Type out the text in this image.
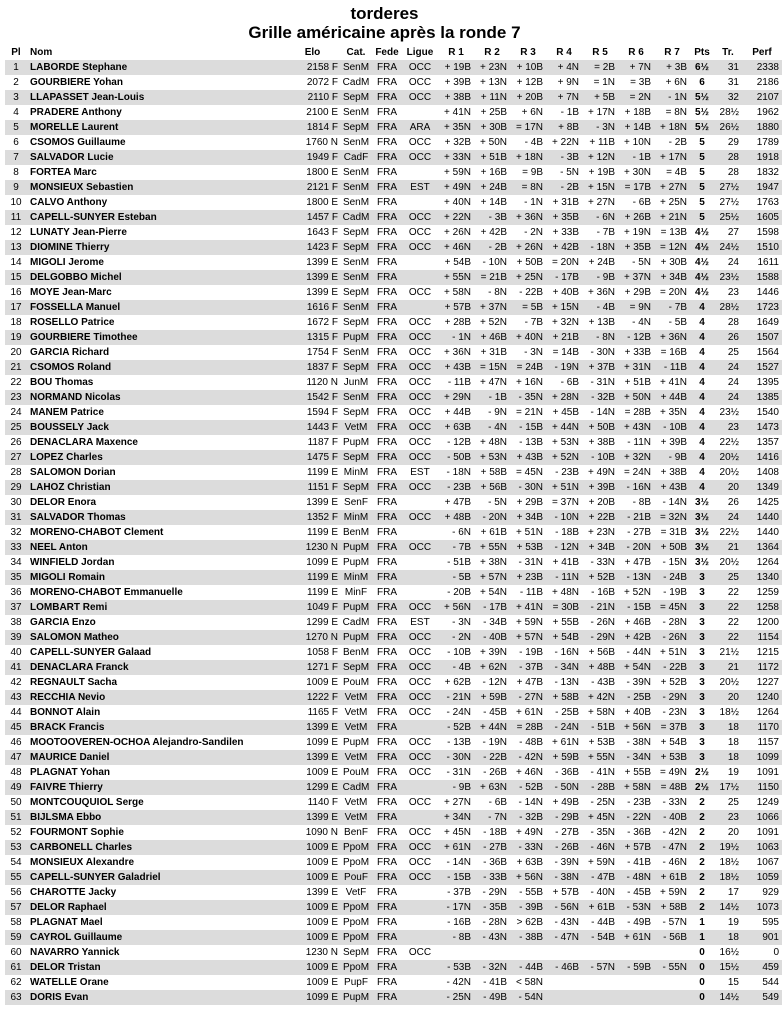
torderes
Grille américaine après la ronde 7
Pl	Nom	Elo	Cat.	Fede	Ligue	R 1	R 2	R 3	R 4	R 5	R 6	R 7	Pts	Tr.	Perf
1	LABORDE Stephane	2158 F	SenM	FRA	OCC	+ 19B	+ 23N	+ 10B	+ 4N	= 2B	+ 7N	+ 3B	6½	31	2338
2	GOURBIERE Yohan	2072 F	CadM	FRA	OCC	+ 39B	+ 13N	+ 12B	+ 9N	= 1N	= 3B	+ 6N	6	31	2186
3	LLAPASSET Jean-Louis	2110 F	SepM	FRA	OCC	+ 38B	+ 11N	+ 20B	+ 7N	+ 5B	= 2N	- 1N	5½	32	2107
4	PRADERE Anthony	2100 E	SenM	FRA		+ 41N	+ 25B	+ 6N	- 1B	+ 17N	+ 18B	= 8N	5½	28½	1962
5	MORELLE Laurent	1814 F	SepM	FRA	ARA	+ 35N	+ 30B	= 17N	+ 8B	- 3N	+ 14B	+ 18N	5½	26½	1880
6	CSOMOS Guillaume	1760 N	SenM	FRA	OCC	+ 32B	+ 50N	- 4B	+ 22N	+ 11B	+ 10N	- 2B	5	29	1789
7	SALVADOR Lucie	1949 F	CadF	FRA	OCC	+ 33N	+ 51B	+ 18N	- 3B	+ 12N	- 1B	+ 17N	5	28	1918
8	FORTEA Marc	1800 E	SenM	FRA		+ 59N	+ 16B	= 9B	- 5N	+ 19B	+ 30N	= 4B	5	28	1832
9	MONSIEUX Sebastien	2121 F	SenM	FRA	EST	+ 49N	+ 24B	= 8N	- 2B	+ 15N	= 17B	+ 27N	5	27½	1947
10	CALVO Anthony	1800 E	SenM	FRA		+ 40N	+ 14B	- 1N	+ 31B	+ 27N	- 6B	+ 25N	5	27½	1763
11	CAPELL-SUNYER Esteban	1457 F	CadM	FRA	OCC	+ 22N	- 3B	+ 36N	+ 35B	- 6N	+ 26B	+ 21N	5	25½	1605
12	LUNATY Jean-Pierre	1643 F	SepM	FRA	OCC	+ 26N	+ 42B	- 2N	+ 33B	- 7B	+ 19N	= 13B	4½	27	1598
13	DIOMINE Thierry	1423 F	SepM	FRA	OCC	+ 46N	- 2B	+ 26N	+ 42B	- 18N	+ 35B	= 12N	4½	24½	1510
14	MIGOLI Jerome	1399 E	SenM	FRA		+ 54B	- 10N	+ 50B	= 20N	+ 24B	- 5N	+ 30B	4½	24	1611
15	DELGOBBO Michel	1399 E	SenM	FRA		+ 55N	= 21B	+ 25N	- 17B	- 9B	+ 37N	+ 34B	4½	23½	1588
16	MOYE Jean-Marc	1399 E	SepM	FRA	OCC	+ 58N	- 8N	- 22B	+ 40B	+ 36N	+ 29B	= 20N	4½	23	1446
17	FOSSELLA Manuel	1616 F	SenM	FRA		+ 57B	+ 37N	= 5B	+ 15N	- 4B	= 9N	- 7B	4	28½	1723
18	ROSELLO Patrice	1672 F	SepM	FRA	OCC	+ 28B	+ 52N	- 7B	+ 32N	+ 13B	- 4N	- 5B	4	28	1649
19	GOURBIERE Timothee	1315 F	PupM	FRA	OCC	- 1N	+ 46B	+ 40N	+ 21B	- 8N	- 12B	+ 36N	4	26	1507
20	GARCIA Richard	1754 F	SenM	FRA	OCC	+ 36N	+ 31B	- 3N	= 14B	- 30N	+ 33B	= 16B	4	25	1564
21	CSOMOS Roland	1837 F	SepM	FRA	OCC	+ 43B	= 15N	= 24B	- 19N	+ 37B	+ 31N	- 11B	4	24	1527
22	BOU Thomas	1120 N	JunM	FRA	OCC	- 11B	+ 47N	+ 16N	- 6B	- 31N	+ 51B	+ 41N	4	24	1395
23	NORMAND Nicolas	1542 F	SenM	FRA	OCC	+ 29N	- 1B	- 35N	+ 28N	- 32B	+ 50N	+ 44B	4	24	1385
24	MANEM Patrice	1594 F	SepM	FRA	OCC	+ 44B	- 9N	= 21N	+ 45B	- 14N	= 28B	+ 35N	4	23½	1540
25	BOUSSELY Jack	1443 F	VetM	FRA	OCC	+ 63B	- 4N	- 15B	+ 44N	+ 50B	+ 43N	- 10B	4	23	1473
26	DENACLARA Maxence	1187 F	PupM	FRA	OCC	- 12B	+ 48N	- 13B	+ 53N	+ 38B	- 11N	+ 39B	4	22½	1357
27	LOPEZ Charles	1475 F	SepM	FRA	OCC	- 50B	+ 53N	+ 43B	+ 52N	- 10B	+ 32N	- 9B	4	20½	1416
28	SALOMON Dorian	1199 E	MinM	FRA	EST	- 18N	+ 58B	= 45N	- 23B	+ 49N	= 24N	+ 38B	4	20½	1408
29	LAHOZ Christian	1151 F	SepM	FRA	OCC	- 23B	+ 56B	- 30N	+ 51N	+ 39B	- 16N	+ 43B	4	20	1349
30	DELOR Enora	1399 E	SenF	FRA		+ 47B	- 5N	+ 29B	= 37N	+ 20B	- 8B	- 14N	3½	26	1425
31	SALVADOR Thomas	1352 F	MinM	FRA	OCC	+ 48B	- 20N	+ 34B	- 10N	+ 22B	- 21B	= 32N	3½	24	1440
32	MORENO-CHABOT Clement	1199 E	BenM	FRA		- 6N	+ 61B	+ 51N	- 18B	+ 23N	- 27B	= 31B	3½	22½	1440
33	NEEL Anton	1230 N	PupM	FRA	OCC	- 7B	+ 55N	+ 53B	- 12N	+ 34B	- 20N	+ 50B	3½	21	1364
34	WINFIELD Jordan	1099 E	PupM	FRA		- 51B	+ 38N	- 31N	+ 41B	- 33N	+ 47B	- 15N	3½	20½	1264
35	MIGOLI Romain	1199 E	MinM	FRA		- 5B	+ 57N	+ 23B	- 11N	+ 52B	- 13N	- 24B	3	25	1340
36	MORENO-CHABOT Emmanuelle	1199 E	MinF	FRA		- 20B	+ 54N	- 11B	+ 48N	- 16B	+ 52N	- 19B	3	22	1259
37	LOMBART Remi	1049 F	PupM	FRA	OCC	+ 56N	- 17B	+ 41N	= 30B	- 21N	- 15B	= 45N	3	22	1258
38	GARCIA Enzo	1299 E	CadM	FRA	EST	- 3N	- 34B	+ 59N	+ 55B	- 26N	+ 46B	- 28N	3	22	1200
39	SALOMON Matheo	1270 N	PupM	FRA	OCC	- 2N	- 40B	+ 57N	+ 54B	- 29N	+ 42B	- 26N	3	22	1154
40	CAPELL-SUNYER Galaad	1058 F	BenM	FRA	OCC	- 10B	+ 39N	- 19B	- 16N	+ 56B	- 44N	+ 51N	3	21½	1215
41	DENACLARA Franck	1271 F	SepM	FRA	OCC	- 4B	+ 62N	- 37B	- 34N	+ 48B	+ 54N	- 22B	3	21	1172
42	REGNAULT Sacha	1009 E	PouM	FRA	OCC	+ 62B	- 12N	+ 47B	- 13N	- 43B	- 39N	+ 52B	3	20½	1227
43	RECCHIA Nevio	1222 F	VetM	FRA	OCC	- 21N	+ 59B	- 27N	+ 58B	+ 42N	- 25B	- 29N	3	20	1240
44	BONNOT Alain	1165 F	VetM	FRA	OCC	- 24N	- 45B	+ 61N	- 25B	+ 58N	+ 40B	- 23N	3	18½	1264
45	BRACK Francis	1399 E	VetM	FRA		- 52B	+ 44N	= 28B	- 24N	- 51B	+ 56N	= 37B	3	18	1170
46	MOOTOOVEREN-OCHOA Alejandro-Sandilen	1099 E	PupM	FRA	OCC	- 13B	- 19N	- 48B	+ 61N	+ 53B	- 38N	+ 54B	3	18	1157
47	MAURICE Daniel	1399 E	VetM	FRA	OCC	- 30N	- 22B	- 42N	+ 59B	+ 55N	- 34N	+ 53B	3	18	1099
48	PLAGNAT Yohan	1009 E	PouM	FRA	OCC	- 31N	- 26B	+ 46N	- 36B	- 41N	+ 55B	= 49N	2½	19	1091
49	FAIVRE Thierry	1299 E	CadM	FRA		- 9B	+ 63N	- 52B	- 50N	- 28B	+ 58N	= 48B	2½	17½	1150
50	MONTCOUQUIOL Serge	1140 F	VetM	FRA	OCC	+ 27N	- 6B	- 14N	+ 49B	- 25N	- 23B	- 33N	2	25	1249
51	BIJLSMA Ebbo	1399 E	VetM	FRA		+ 34N	- 7N	- 32B	- 29B	+ 45N	- 22N	- 40B	2	23	1066
52	FOURMONT Sophie	1090 N	BenF	FRA	OCC	+ 45N	- 18B	+ 49N	- 27B	- 35N	- 36B	- 42N	2	20	1091
53	CARBONELL Charles	1009 E	PpoM	FRA	OCC	+ 61N	- 27B	- 33N	- 26B	- 46N	+ 57B	- 47N	2	19½	1063
54	MONSIEUX Alexandre	1009 E	PpoM	FRA	OCC	- 14N	- 36B	+ 63B	- 39N	+ 59N	- 41B	- 46N	2	18½	1067
55	CAPELL-SUNYER Galadriel	1009 E	PouF	FRA	OCC	- 15B	- 33B	+ 56N	- 38N	- 47B	- 48N	+ 61B	2	18½	1059
56	CHAROTTE Jacky	1399 E	VetF	FRA		- 37B	- 29N	- 55B	+ 57B	- 40N	- 45B	+ 59N	2	17	929
57	DELOR Raphael	1009 E	PpoM	FRA		- 17N	- 35B	- 39B	- 56N	+ 61B	- 53N	+ 58B	2	14½	1073
58	PLAGNAT Mael	1009 E	PpoM	FRA		- 16B	- 28N	> 62B	- 43N	- 44B	- 49B	- 57N	1	19	595
59	CAYROL Guillaume	1009 E	PpoM	FRA		- 8B	- 43N	- 38B	- 47N	- 54B	+ 61N	- 56B	1	18	901
60	NAVARRO Yannick	1230 N	SepM	FRA	OCC								0	16½	0
61	DELOR Tristan	1009 E	PpoM	FRA		- 53B	- 32N	- 44B	- 46B	- 57N	- 59B	- 55N	0	15½	459
62	WATELLE Orane	1009 E	PupF	FRA		- 42N	- 41B	< 58N					0	15	544
63	DORIS Evan	1099 E	PupM	FRA		- 25N	- 49B	- 54N					0	14½	549
